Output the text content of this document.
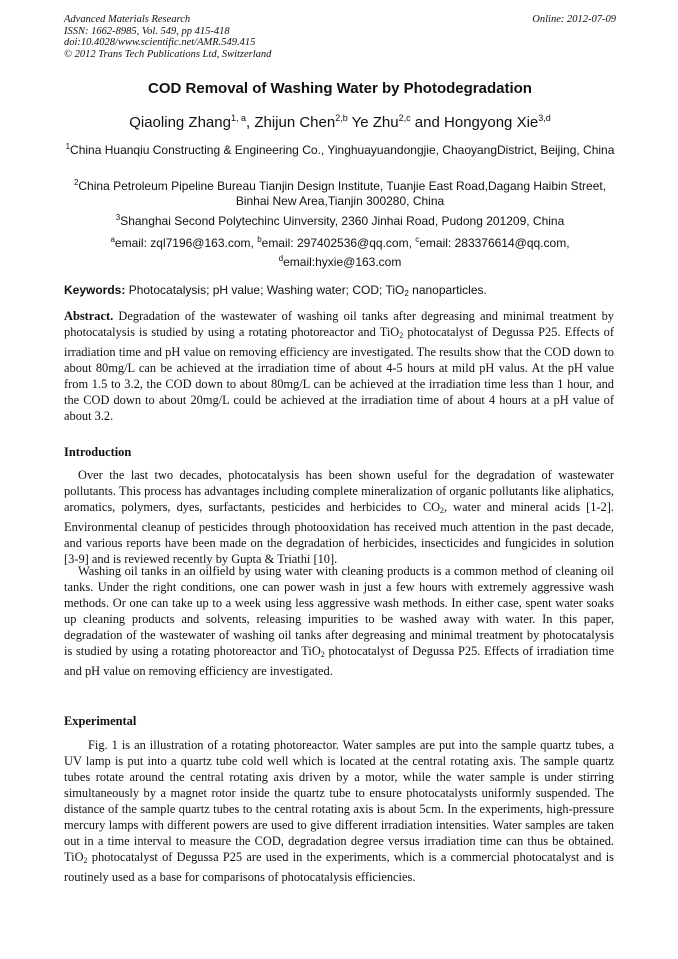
Advanced Materials Research
ISSN: 1662-8985, Vol. 549, pp 415-418
doi:10.4028/www.scientific.net/AMR.549.415
© 2012 Trans Tech Publications Ltd, Switzerland
Online: 2012-07-09
COD Removal of Washing Water by Photodegradation
Qiaoling Zhang$^{1, a}$, Zhijun Chen$^{2,b}$ Ye Zhu$^{2,c}$ and Hongyong Xie$^{3,d}$
$^1$China Huanqiu Constructing & Engineering Co., Yinghuayuandongjie, ChaoyangDistrict, Beijing, China
$^2$China Petroleum Pipeline Bureau Tianjin Design Institute, Tuanjie East Road,Dagang Haibin Street, Binhai New Area,Tianjin 300280, China
$^3$Shanghai Second Polytechinc Uinversity, 2360 Jinhai Road, Pudong 201209, China
$^a$email: zql7196@163.com, $^b$email: 297402536@qq.com, $^c$email: 283376614@qq.com,
$^d$email:hyxie@163.com
Keywords: Photocatalysis; pH value; Washing water; COD; TiO$_2$ nanoparticles.
Abstract. Degradation of the wastewater of washing oil tanks after degreasing and minimal treatment by photocatalysis is studied by using a rotating photoreactor and TiO$_2$ photocatalyst of Degussa P25. Effects of irradiation time and pH value on removing efficiency are investigated. The results show that the COD down to about 80mg/L can be achieved at the irradiation time of about 4-5 hours at mild pH valus. At the pH value from 1.5 to 3.2, the COD down to about 80mg/L can be achieved at the irradiation time less than 1 hour, and the COD down to about 20mg/L could be achieved at the irradiation time of about 4 hours at a pH value of about 3.2.
Introduction
Over the last two decades, photocatalysis has been shown useful for the degradation of wastewater pollutants. This process has advantages including complete mineralization of organic pollutants like aliphatics, aromatics, polymers, dyes, surfactants, pesticides and herbicides to $CO_2$, water and mineral acids [1-2]. Environmental cleanup of pesticides through photooxidation has received much attention in the past decade, and various reports have been made on the degradation of herbicides, insecticides and fungicides in solution [3-9] and is reviewed recently by Gupta & Triathi [10].
Washing oil tanks in an oilfield by using water with cleaning products is a common method of cleaning oil tanks. Under the right conditions, one can power wash in just a few hours with extremely aggressive wash methods. Or one can take up to a week using less aggressive wash methods. In either case, spent water soaks up cleaning products and solvents, releasing impurities to be washed away with water. In this paper, degradation of the wastewater of washing oil tanks after degreasing and minimal treatment by photocatalysis is studied by using a rotating photoreactor and TiO$_2$ photocatalyst of Degussa P25. Effects of irradiation time and pH value on removing efficiency are investigated.
Experimental
Fig. 1 is an illustration of a rotating photoreactor. Water samples are put into the sample quartz tubes, a UV lamp is put into a quartz tube cold well which is located at the central rotating axis. The sample quartz tubes rotate around the central rotating axis driven by a motor, while the water sample is under stirring simultaneously by a magnet rotor inside the quartz tube to ensure photocatalysts uniformly suspended. The distance of the sample quartz tubes to the central rotating axis is about 5cm. In the experiments, high-pressure mercury lamps with different powers are used to give different irradiation intensities. Water samples are taken out in a time interval to measure the COD, degradation degree versus irradiation time can thus be obtained. TiO$_2$ photocatalyst of Degussa P25 are used in the experiments, which is a commercial photocatalyst and is routinely used as a base for comparisons of photocatalysis efficiencies.
